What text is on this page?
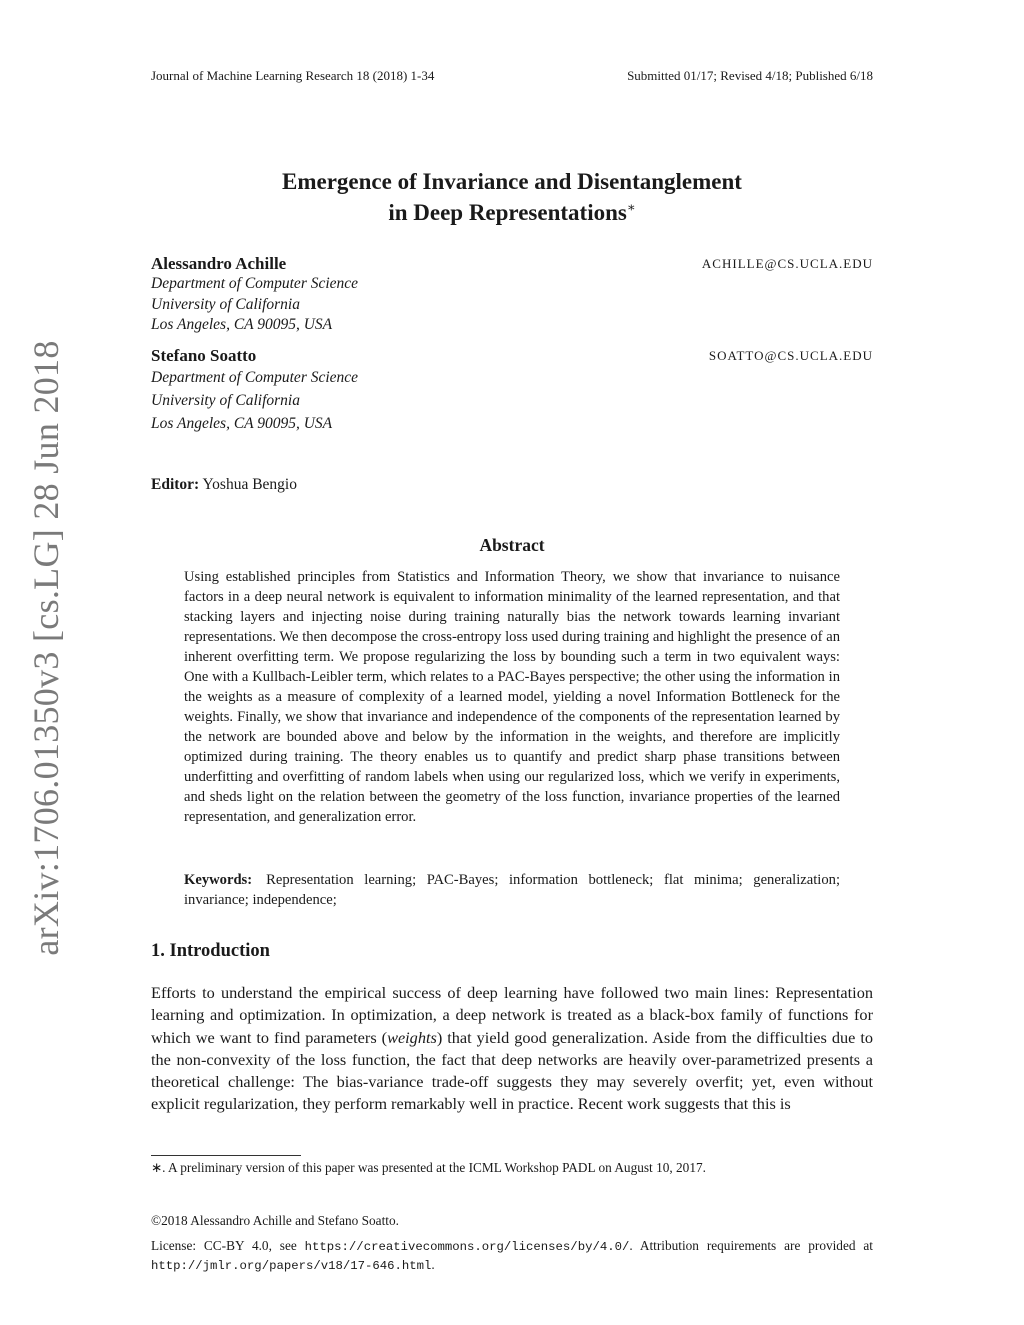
Journal of Machine Learning Research 18 (2018) 1-34	Submitted 01/17; Revised 4/18; Published 6/18
arXiv:1706.01350v3 [cs.LG] 28 Jun 2018
Emergence of Invariance and Disentanglement
in Deep Representations∗
Alessandro Achille	ACHILLE@CS.UCLA.EDU
Department of Computer Science
University of California
Los Angeles, CA 90095, USA
Stefano Soatto	SOATTO@CS.UCLA.EDU
Department of Computer Science
University of California
Los Angeles, CA 90095, USA
Editor: Yoshua Bengio
Abstract
Using established principles from Statistics and Information Theory, we show that invariance to nuisance factors in a deep neural network is equivalent to information minimality of the learned representation, and that stacking layers and injecting noise during training naturally bias the network towards learning invariant representations. We then decompose the cross-entropy loss used during training and highlight the presence of an inherent overfitting term. We propose regularizing the loss by bounding such a term in two equivalent ways: One with a Kullbach-Leibler term, which relates to a PAC-Bayes perspective; the other using the information in the weights as a measure of complexity of a learned model, yielding a novel Information Bottleneck for the weights. Finally, we show that invariance and independence of the components of the representation learned by the network are bounded above and below by the information in the weights, and therefore are implicitly optimized during training. The theory enables us to quantify and predict sharp phase transitions between underfitting and overfitting of random labels when using our regularized loss, which we verify in experiments, and sheds light on the relation between the geometry of the loss function, invariance properties of the learned representation, and generalization error.
Keywords: Representation learning; PAC-Bayes; information bottleneck; flat minima; generalization; invariance; independence;
1. Introduction
Efforts to understand the empirical success of deep learning have followed two main lines: Representation learning and optimization. In optimization, a deep network is treated as a black-box family of functions for which we want to find parameters (weights) that yield good generalization. Aside from the difficulties due to the non-convexity of the loss function, the fact that deep networks are heavily over-parametrized presents a theoretical challenge: The bias-variance trade-off suggests they may severely overfit; yet, even without explicit regularization, they perform remarkably well in practice. Recent work suggests that this is
∗. A preliminary version of this paper was presented at the ICML Workshop PADL on August 10, 2017.
©2018 Alessandro Achille and Stefano Soatto.
License: CC-BY 4.0, see https://creativecommons.org/licenses/by/4.0/. Attribution requirements are provided at http://jmlr.org/papers/v18/17-646.html.
